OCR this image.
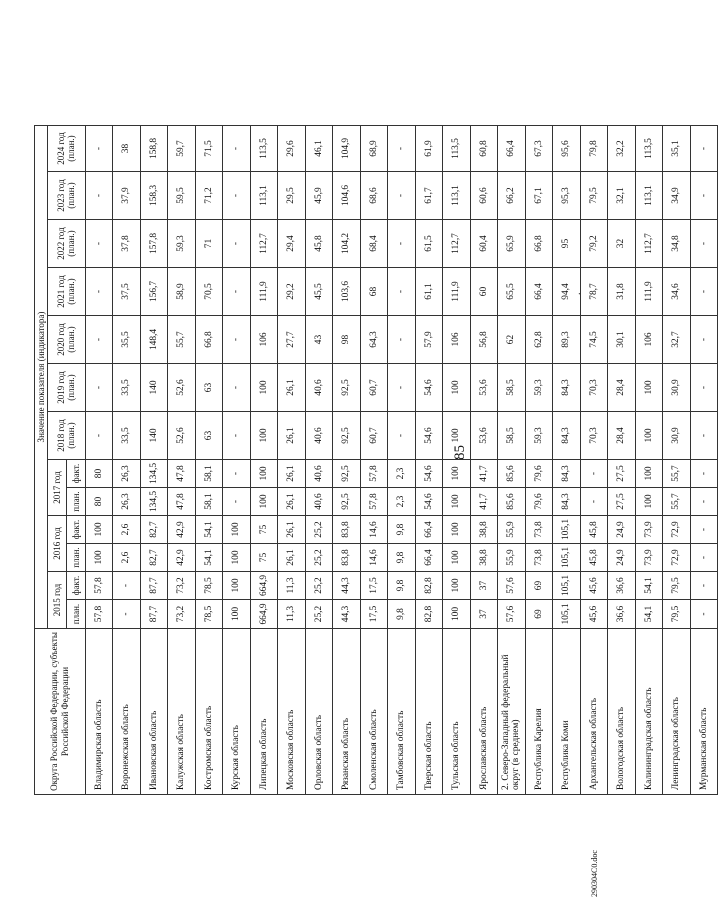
85
.
Округа Российской Федерации, субъекты Российской Федерации	Значение показателя (индикатора)												
	2015 год		2016 год		2017 год		2018 год (план.)	2019 год (план.)	2020 год (план.)	2021 год (план.)	2022 год (план.)	2023 год (план.)	2024 год (план.)
	план.	факт.	план.	факт.	план.	факт.							
Владимирская область	57,8	57,8	100	100	80	80	-	-	-	-	-	-	-
Воронежская область	-	-	2,6	2,6	26,3	26,3	33,5	33,5	35,5	37,5	37,8	37,9	38
Ивановская область	87,7	87,7	82,7	82,7	134,5	134,5	140	140	148,4	156,7	157,8	158,3	158,8
Калужская область	73,2	73,2	42,9	42,9	47,8	47,8	52,6	52,6	55,7	58,9	59,3	59,5	59,7
Костромская область	78,5	78,5	54,1	54,1	58,1	58,1	63	63	66,8	70,5	71	71,2	71,5
Курская область	100	100	100	100	-	-	-	-	-	-	-	-	-
Липецкая область	664,9	664,9	75	75	100	100	100	100	106	111,9	112,7	113,1	113,5
Московская область	11,3	11,3	26,1	26,1	26,1	26,1	26,1	26,1	27,7	29,2	29,4	29,5	29,6
Орловская область	25,2	25,2	25,2	25,2	40,6	40,6	40,6	40,6	43	45,5	45,8	45,9	46,1
Рязанская область	44,3	44,3	83,8	83,8	92,5	92,5	92,5	92,5	98	103,6	104,2	104,6	104,9
Смоленская область	17,5	17,5	14,6	14,6	57,8	57,8	60,7	60,7	64,3	68	68,4	68,6	68,9
Тамбовская область	9,8	9,8	9,8	9,8	2,3	2,3	-	-	-	-	-	-	-
Тверская область	82,8	82,8	66,4	66,4	54,6	54,6	54,6	54,6	57,9	61,1	61,5	61,7	61,9
Тульская область	100	100	100	100	100	100	100	100	106	111,9	112,7	113,1	113,5
Ярославская область	37	37	38,8	38,8	41,7	41,7	53,6	53,6	56,8	60	60,4	60,6	60,8
2. Северо-Западный федеральный округ (в среднем)	57,6	57,6	55,9	55,9	85,6	85,6	58,5	58,5	62	65,5	65,9	66,2	66,4
Республика Карелия	69	69	73,8	73,8	79,6	79,6	59,3	59,3	62,8	66,4	66,8	67,1	67,3
Республика Коми	105,1	105,1	105,1	105,1	84,3	84,3	84,3	84,3	89,3	94,4	95	95,3	95,6
Архангельская область	45,6	45,6	45,8	45,8	-	-	70,3	70,3	74,5	78,7	79,2	79,5	79,8
Вологодская область	36,6	36,6	24,9	24,9	27,5	27,5	28,4	28,4	30,1	31,8	32	32,1	32,2
Калининградская область	54,1	54,1	73,9	73,9	100	100	100	100	106	111,9	112,7	113,1	113,5
Ленинградская область	79,5	79,5	72,9	72,9	55,7	55,7	30,9	30,9	32,7	34,6	34,8	34,9	35,1
Мурманская область	-	-	-	-	-	-	-	-	-	-	-	-	-
290304C0.doc
